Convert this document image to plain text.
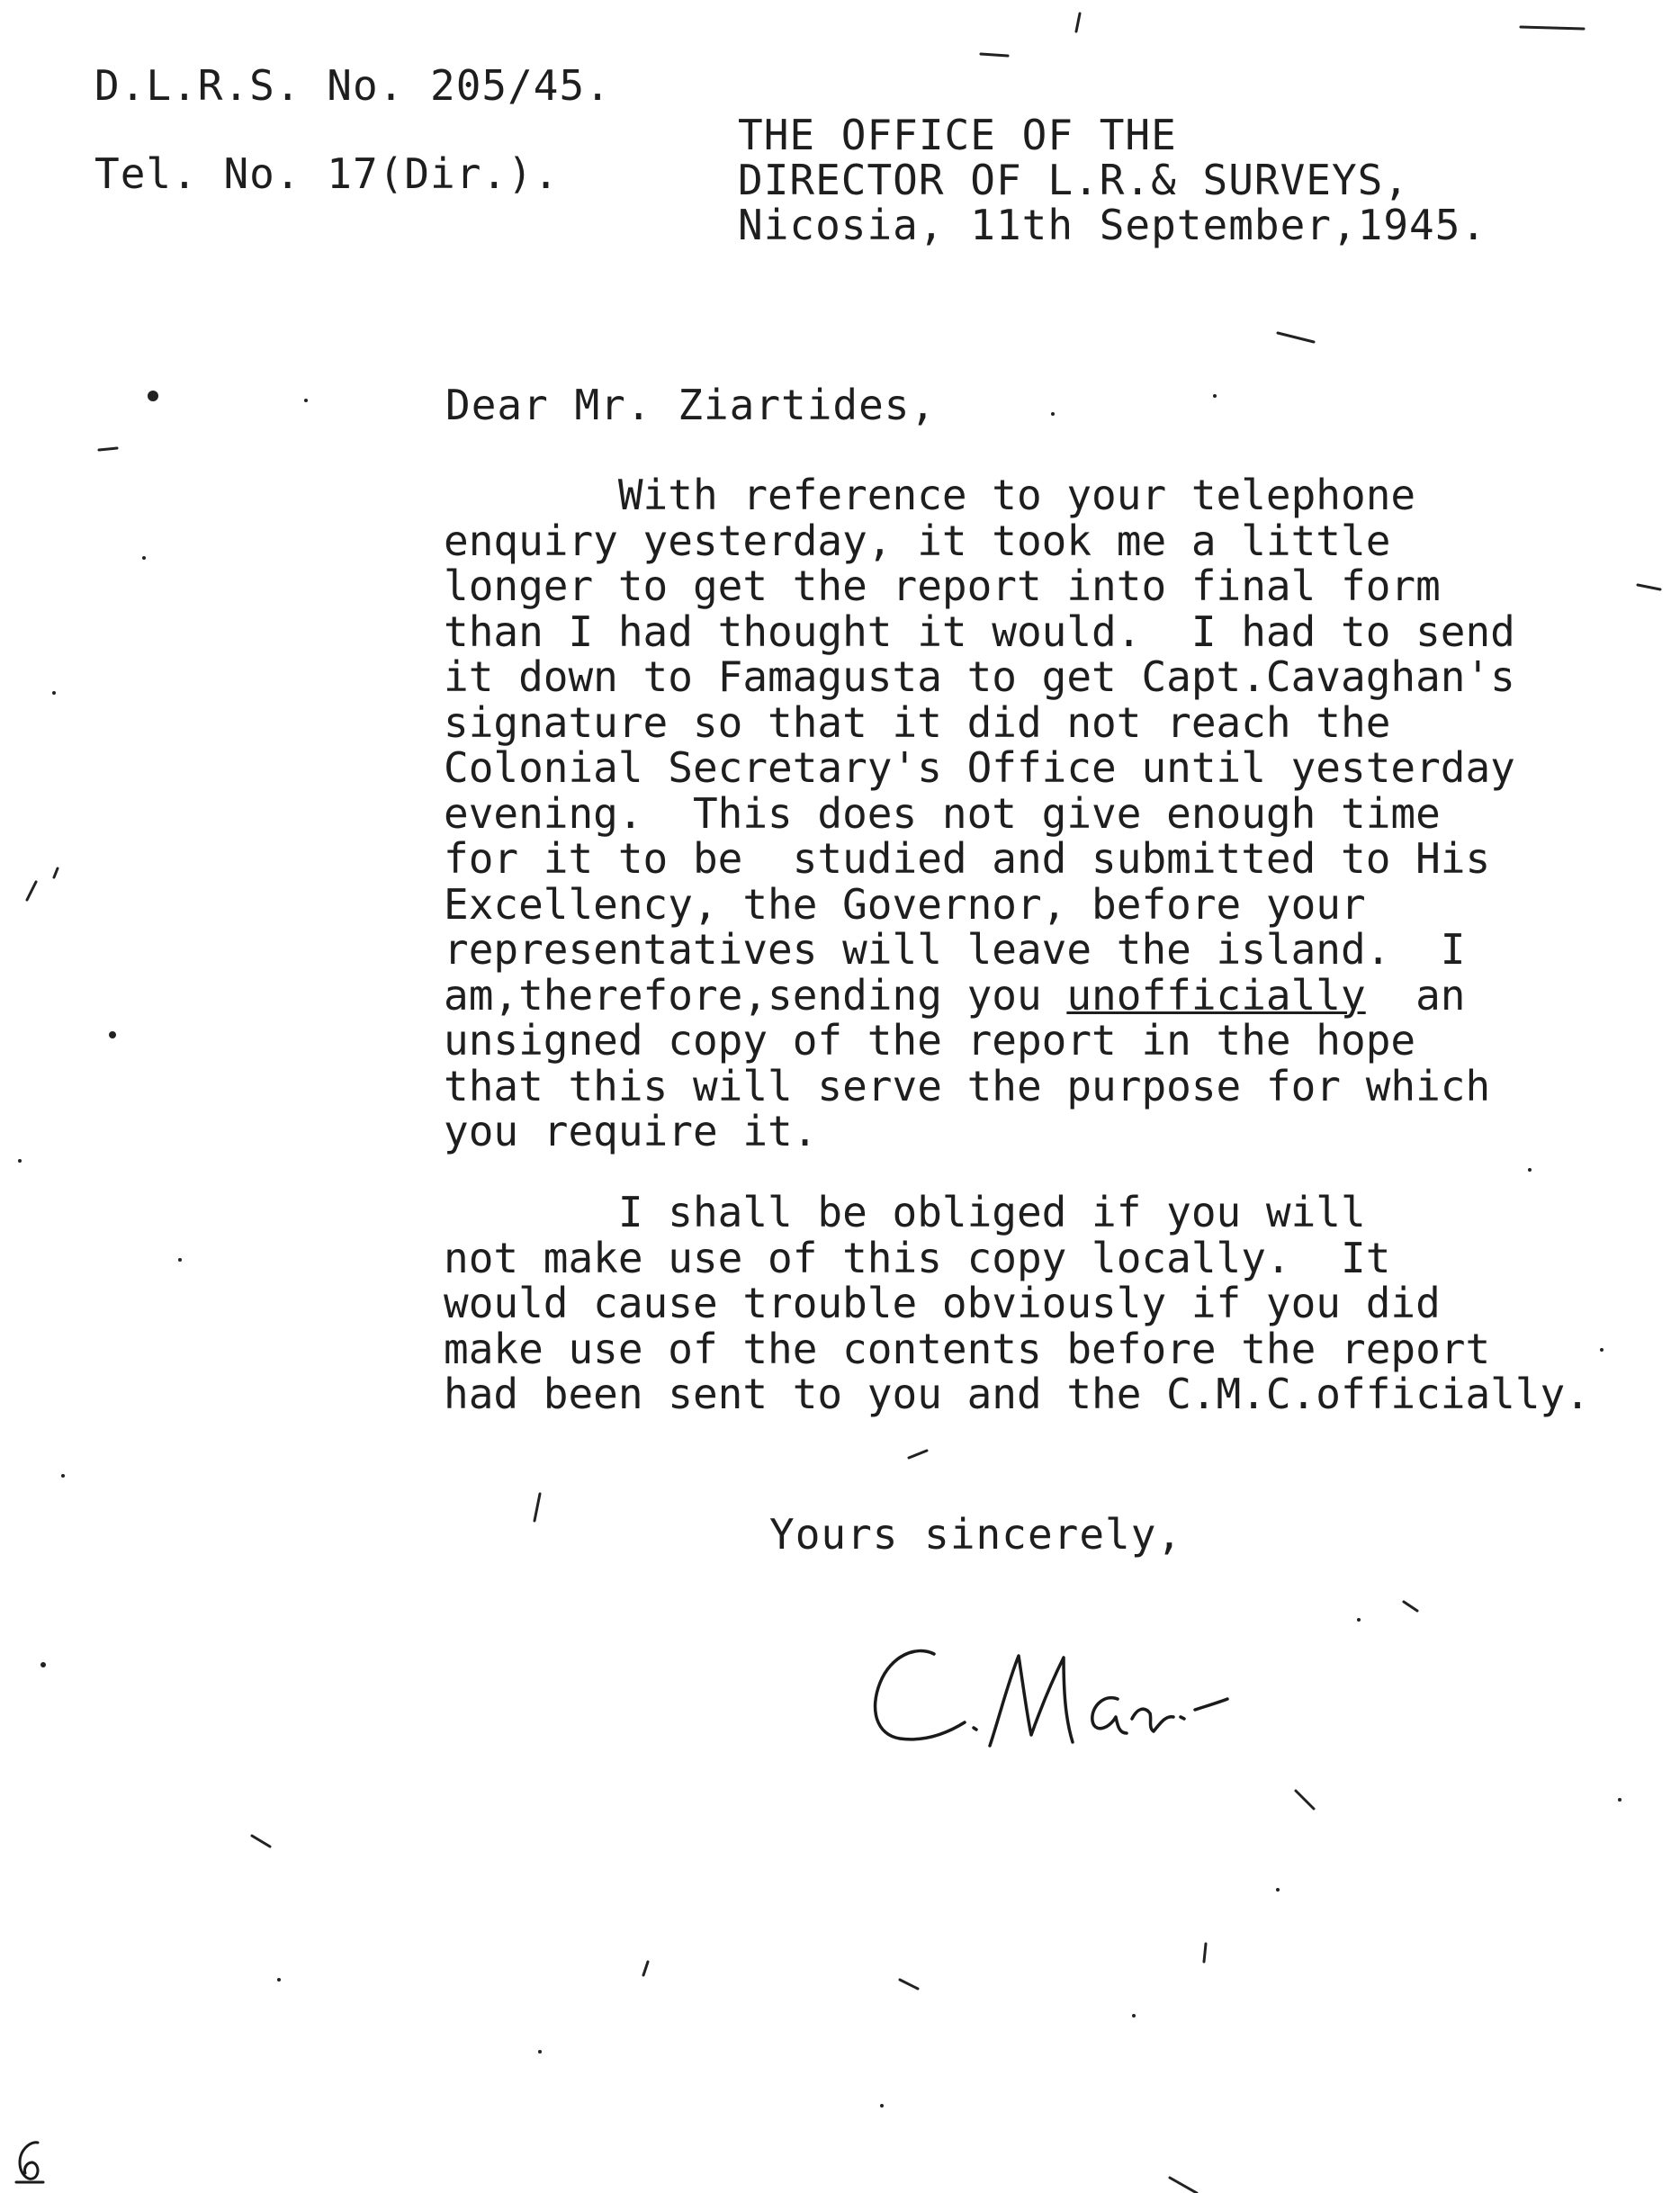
D.L.R.S. No. 205/45.
Tel. No. 17(Dir.).
THE OFFICE OF THE
DIRECTOR OF L.R.& SURVEYS,
Nicosia, 11th September,1945.
Dear Mr. Ziartides,
With reference to your telephone
enquiry yesterday, it took me a little
longer to get the report into final form
than I had thought it would.  I had to send
it down to Famagusta to get Capt.Cavaghan's
signature so that it did not reach the
Colonial Secretary's Office until yesterday
evening.  This does not give enough time
for it to be  studied and submitted to His
Excellency, the Governor, before your
representatives will leave the island.  I
am,therefore,sending you unofficially  an
unsigned copy of the report in the hope
that this will serve the purpose for which
you require it.
I shall be obliged if you will
not make use of this copy locally.  It
would cause trouble obviously if you did
make use of the contents before the report
had been sent to you and the C.M.C.officially.
Yours sincerely,
